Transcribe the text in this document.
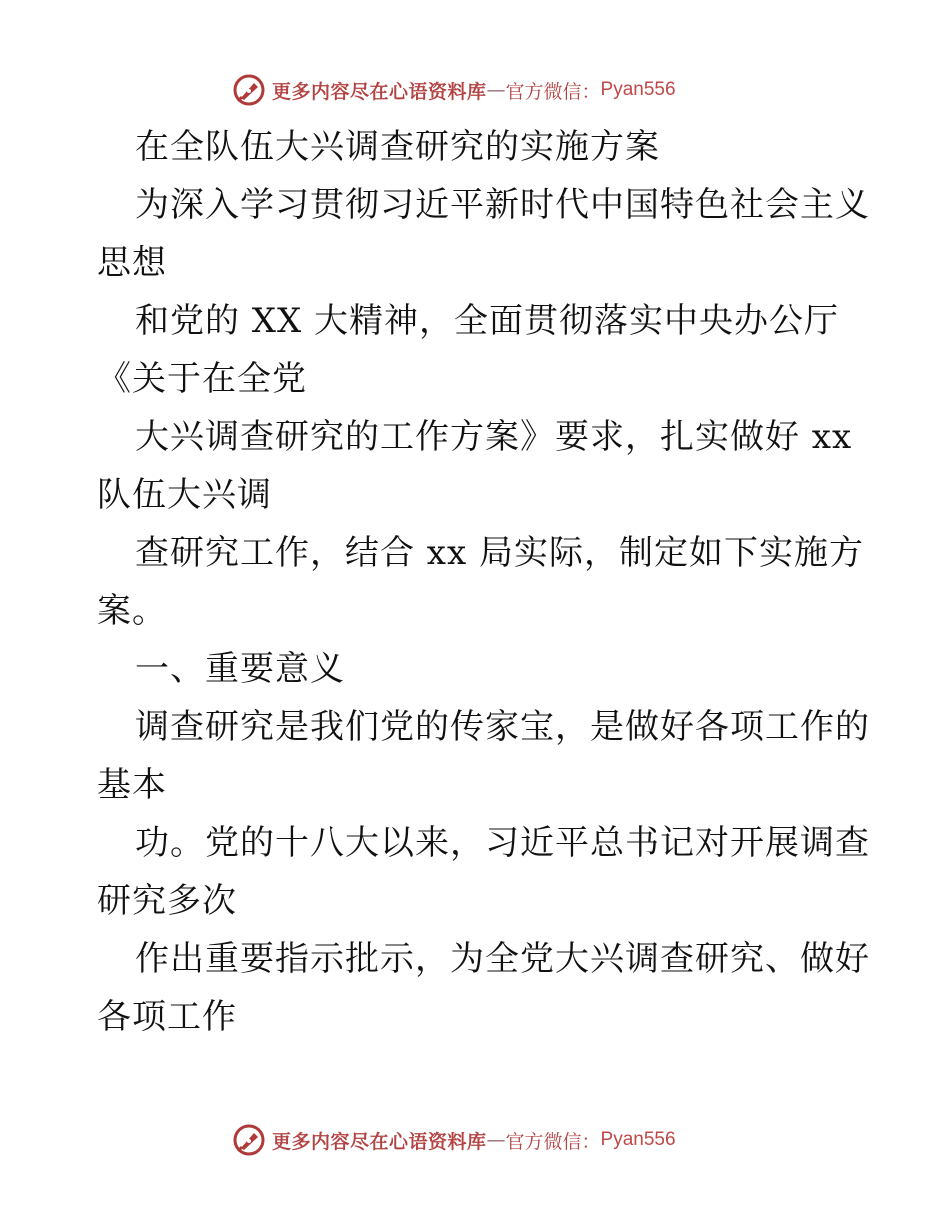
更多内容尽在心语资料库 — 官方微信： Pyan556
在全队伍大兴调查研究的实施方案
为深入学习贯彻习近平新时代中国特色社会主义
思想
和党的 XX 大精神，全面贯彻落实中央办公厅
《关于在全党
大兴调查研究的工作方案》要求，扎实做好 xx
队伍大兴调
查研究工作，结合 xx 局实际，制定如下实施方
案。
一、重要意义
调查研究是我们党的传家宝，是做好各项工作的
基本
功。党的十八大以来，习近平总书记对开展调查
研究多次
作出重要指示批示，为全党大兴调查研究、做好
各项工作
更多内容尽在心语资料库 — 官方微信： Pyan556
